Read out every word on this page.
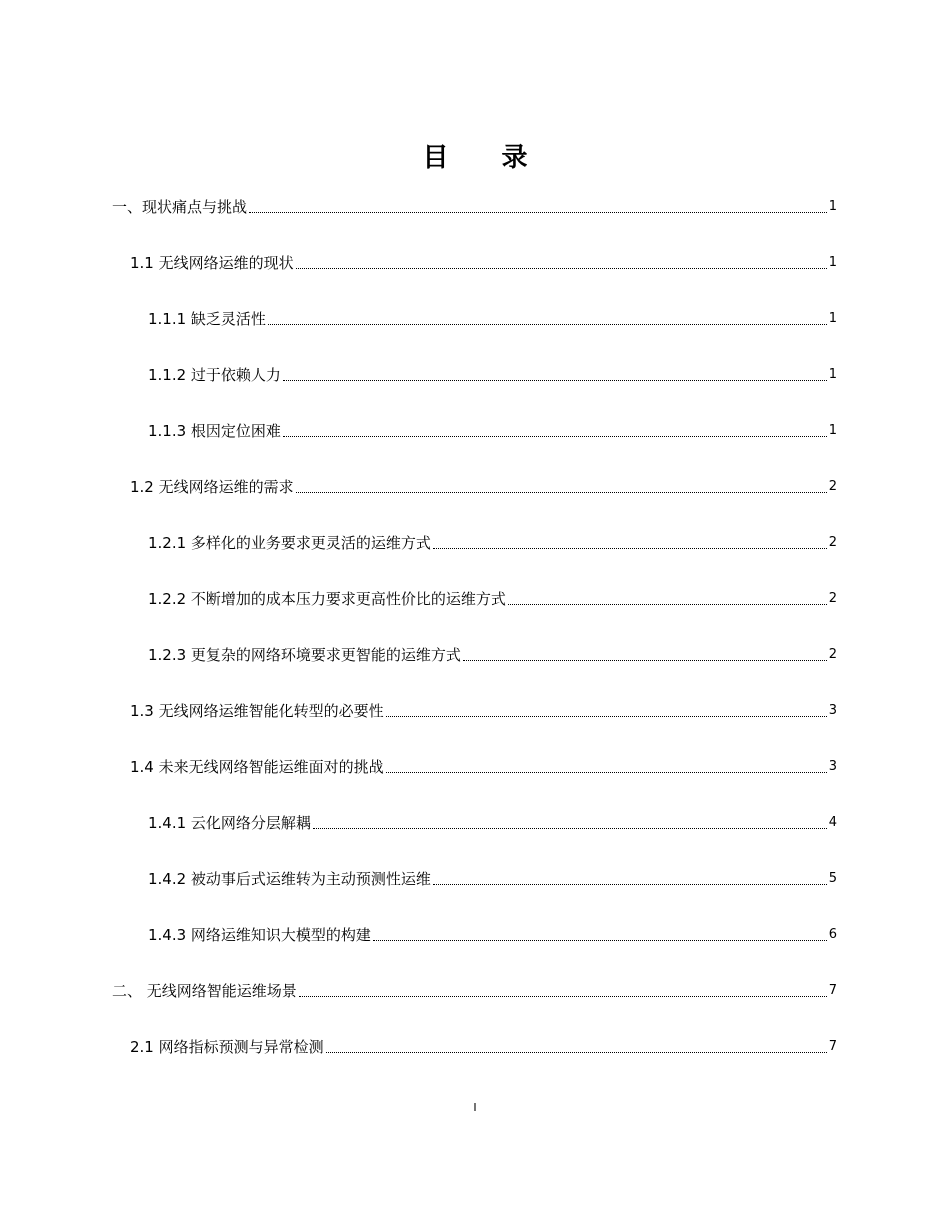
目 录
一、现状痛点与挑战	1
1.1 无线网络运维的现状	1
1.1.1 缺乏灵活性	1
1.1.2 过于依赖人力	1
1.1.3 根因定位困难	1
1.2 无线网络运维的需求	2
1.2.1 多样化的业务要求更灵活的运维方式	2
1.2.2 不断增加的成本压力要求更高性价比的运维方式	2
1.2.3 更复杂的网络环境要求更智能的运维方式	2
1.3 无线网络运维智能化转型的必要性	3
1.4 未来无线网络智能运维面对的挑战	3
1.4.1 云化网络分层解耦	4
1.4.2 被动事后式运维转为主动预测性运维	5
1.4.3 网络运维知识大模型的构建	6
二、 无线网络智能运维场景	7
2.1 网络指标预测与异常检测	7
I
